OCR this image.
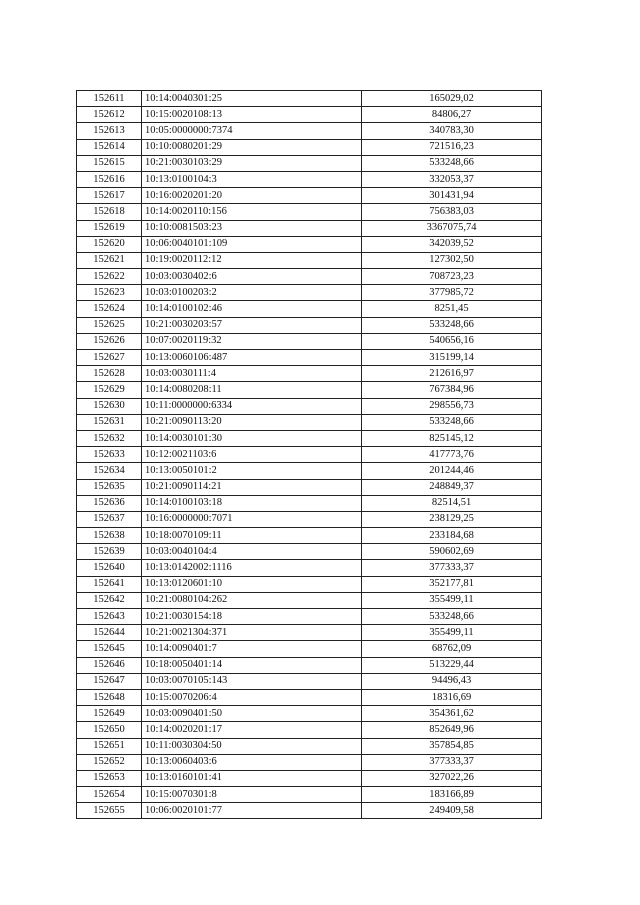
152611	10:14:0040301:25	165029,02
152612	10:15:0020108:13	84806,27
152613	10:05:0000000:7374	340783,30
152614	10:10:0080201:29	721516,23
152615	10:21:0030103:29	533248,66
152616	10:13:0100104:3	332053,37
152617	10:16:0020201:20	301431,94
152618	10:14:0020110:156	756383,03
152619	10:10:0081503:23	3367075,74
152620	10:06:0040101:109	342039,52
152621	10:19:0020112:12	127302,50
152622	10:03:0030402:6	708723,23
152623	10:03:0100203:2	377985,72
152624	10:14:0100102:46	8251,45
152625	10:21:0030203:57	533248,66
152626	10:07:0020119:32	540656,16
152627	10:13:0060106:487	315199,14
152628	10:03:0030111:4	212616,97
152629	10:14:0080208:11	767384,96
152630	10:11:0000000:6334	298556,73
152631	10:21:0090113:20	533248,66
152632	10:14:0030101:30	825145,12
152633	10:12:0021103:6	417773,76
152634	10:13:0050101:2	201244,46
152635	10:21:0090114:21	248849,37
152636	10:14:0100103:18	82514,51
152637	10:16:0000000:7071	238129,25
152638	10:18:0070109:11	233184,68
152639	10:03:0040104:4	590602,69
152640	10:13:0142002:1116	377333,37
152641	10:13:0120601:10	352177,81
152642	10:21:0080104:262	355499,11
152643	10:21:0030154:18	533248,66
152644	10:21:0021304:371	355499,11
152645	10:14:0090401:7	68762,09
152646	10:18:0050401:14	513229,44
152647	10:03:0070105:143	94496,43
152648	10:15:0070206:4	18316,69
152649	10:03:0090401:50	354361,62
152650	10:14:0020201:17	852649,96
152651	10:11:0030304:50	357854,85
152652	10:13:0060403:6	377333,37
152653	10:13:0160101:41	327022,26
152654	10:15:0070301:8	183166,89
152655	10:06:0020101:77	249409,58
